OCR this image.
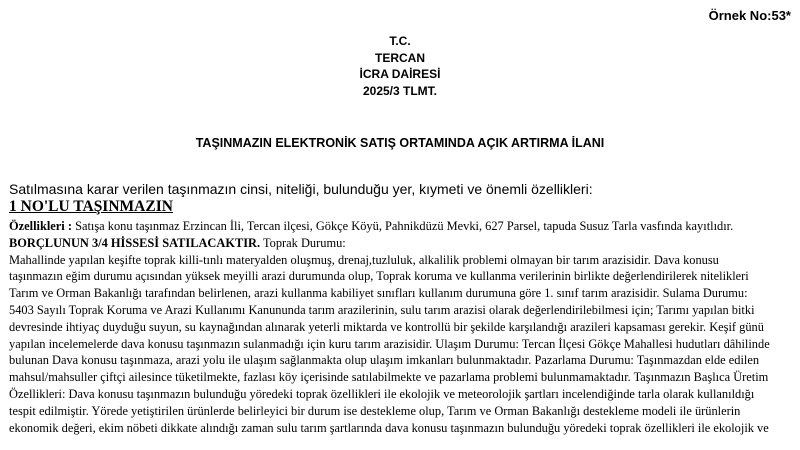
Örnek No:53*
T.C.
TERCAN
İCRA DAİRESİ
2025/3 TLMT.
TAŞINMAZIN ELEKTRONİK SATIŞ ORTAMINDA AÇIK ARTIRMA İLANI
Satılmasına karar verilen taşınmazın cinsi, niteliği, bulunduğu yer, kıymeti ve önemli özellikleri:
1 NO'LU TAŞINMAZIN
Özellikleri : Satışa konu taşınmaz Erzincan İli, Tercan ilçesi, Gökçe Köyü, Pahnikdüzü Mevki, 627 Parsel, tapuda Susuz Tarla vasfında kayıtlıdır.
BORÇLUNUN 3/4 HİSSESİ SATILACAKTIR. Toprak Durumu:
Mahallinde yapılan keşifte toprak killi-tınlı materyalden oluşmuş, drenaj,tuzluluk, alkalilik problemi olmayan bir tarım arazisidir. Dava konusu
taşınmazın eğim durumu açısından yüksek meyilli arazi durumunda olup, Toprak koruma ve kullanma verilerinin birlikte değerlendirilerek nitelikleri
Tarım ve Orman Bakanlığı tarafından belirlenen, arazi kullanma kabiliyet sınıfları kullanım durumuna göre 1. sınıf tarım arazisidir. Sulama Durumu:
5403 Sayılı Toprak Koruma ve Arazi Kullanımı Kanununda tarım arazilerinin, sulu tarım arazisi olarak değerlendirilebilmesi için; Tarımı yapılan bitki
devresinde ihtiyaç duyduğu suyun, su kaynağından alınarak yeterli miktarda ve kontrollü bir şekilde karşılandığı arazileri kapsaması gerekir. Keşif günü
yapılan incelemelerde dava konusu taşınmazın sulanmadığı için kuru tarım arazisidir. Ulaşım Durumu: Tercan İlçesi Gökçe Mahallesi hudutları dâhilinde
bulunan Dava konusu taşınmaza, arazi yolu ile ulaşım sağlanmakta olup ulaşım imkanları bulunmaktadır. Pazarlama Durumu: Taşınmazdan elde edilen
mahsul/mahsuller çiftçi ailesince tüketilmekte, fazlası köy içerisinde satılabilmekte ve pazarlama problemi bulunmamaktadır. Taşınmazın Başlıca Üretim
Özellikleri: Dava konusu taşınmazın bulunduğu yöredeki toprak özellikleri ile ekolojik ve meteorolojik şartları incelendiğinde tarla olarak kullanıldığı
tespit edilmiştir. Yörede yetiştirilen ürünlerde belirleyici bir durum ise destekleme olup, Tarım ve Orman Bakanlığı destekleme modeli ile ürünlerin
ekonomik değeri, ekim nöbeti dikkate alındığı zaman sulu tarım şartlarında dava konusu taşınmazın bulunduğu yöredeki toprak özellikleri ile ekolojik ve
